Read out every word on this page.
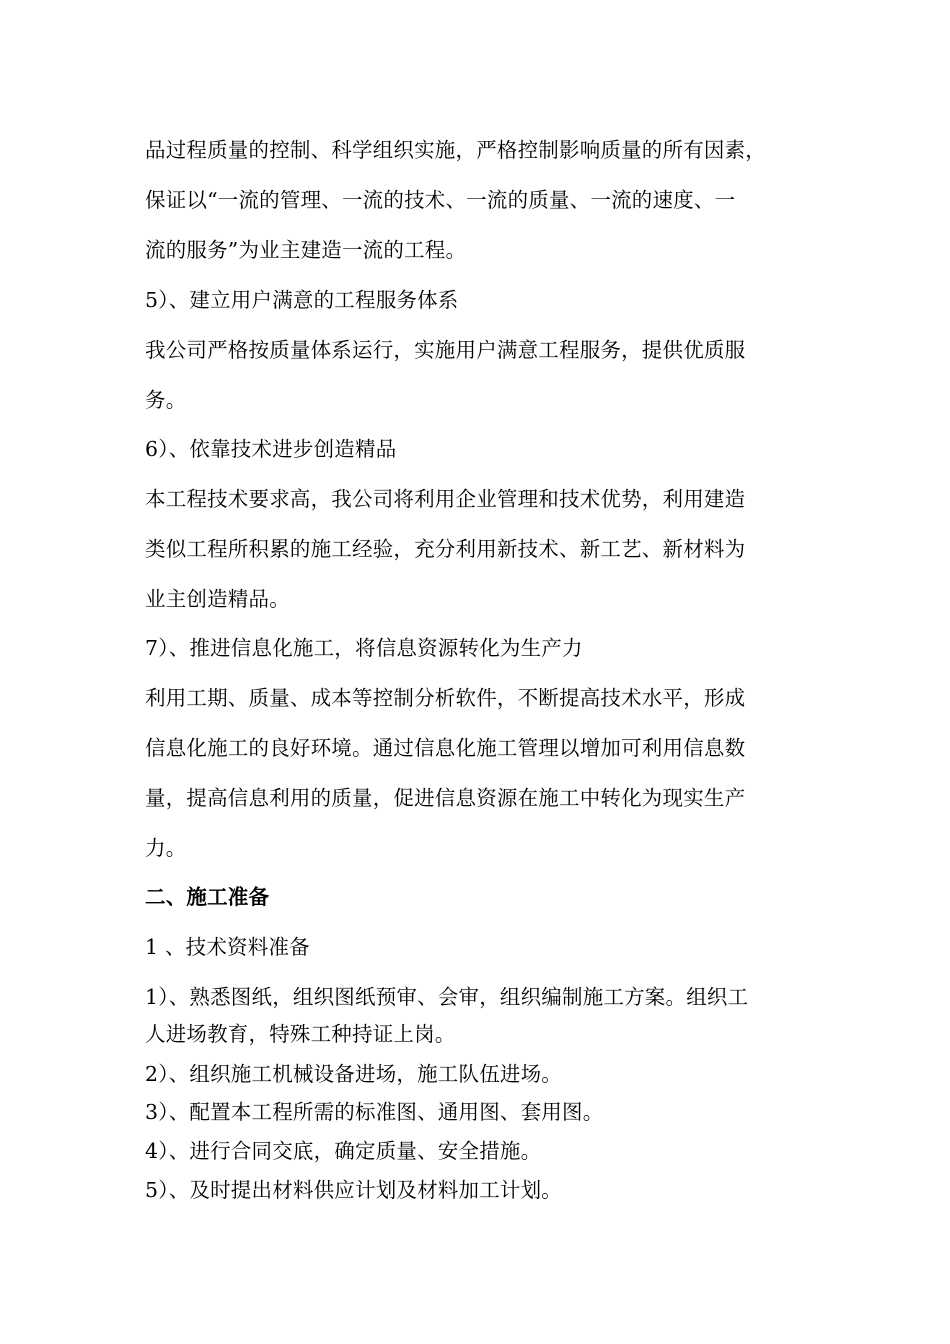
品过程质量的控制、科学组织实施，严格控制影响质量的所有因素，
保证以“一流的管理、一流的技术、一流的质量、一流的速度、一
流的服务”为业主建造一流的工程。
5）、建立用户满意的工程服务体系
我公司严格按质量体系运行，实施用户满意工程服务，提供优质服
务。
6）、依靠技术进步创造精品
本工程技术要求高，我公司将利用企业管理和技术优势，利用建造
类似工程所积累的施工经验，充分利用新技术、新工艺、新材料为
业主创造精品。
7）、推进信息化施工，将信息资源转化为生产力
利用工期、质量、成本等控制分析软件，不断提高技术水平，形成
信息化施工的良好环境。通过信息化施工管理以增加可利用信息数
量，提高信息利用的质量，促进信息资源在施工中转化为现实生产
力。
二、施工准备
1 、技术资料准备
1）、熟悉图纸，组织图纸预审、会审，组织编制施工方案。组织工
人进场教育，特殊工种持证上岗。
2）、组织施工机械设备进场，施工队伍进场。
3）、配置本工程所需的标准图、通用图、套用图。
4）、进行合同交底，确定质量、安全措施。
5）、及时提出材料供应计划及材料加工计划。
